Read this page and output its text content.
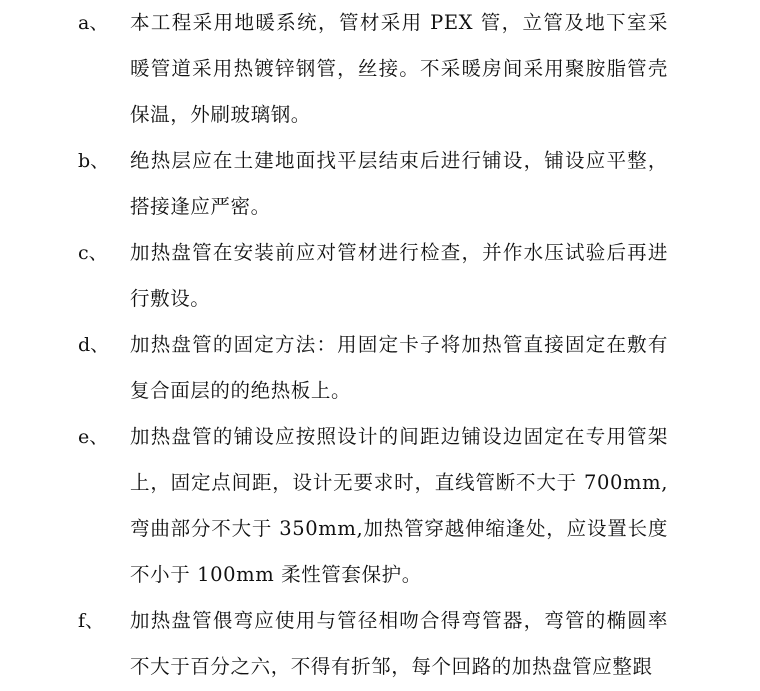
a、 本工程采用地暖系统，管材采用 PEX 管，立管及地下室采暖管道采用热镀锌钢管，丝接。不采暖房间采用聚胺脂管壳保温，外刷玻璃钢。
b、 绝热层应在土建地面找平层结束后进行铺设，铺设应平整，搭接逢应严密。
c、 加热盘管在安装前应对管材进行检查，并作水压试验后再进行敷设。
d、 加热盘管的固定方法：用固定卡子将加热管直接固定在敷有复合面层的的绝热板上。
e、 加热盘管的铺设应按照设计的间距边铺设边固定在专用管架上，固定点间距，设计无要求时，直线管断不大于 700mm,弯曲部分不大于 350mm,加热管穿越伸缩逢处，应设置长度不小于 100mm 柔性管套保护。
f、 加热盘管偎弯应使用与管径相吻合得弯管器，弯管的椭圆率不大于百分之六，不得有折邹，每个回路的加热盘管应整跟
